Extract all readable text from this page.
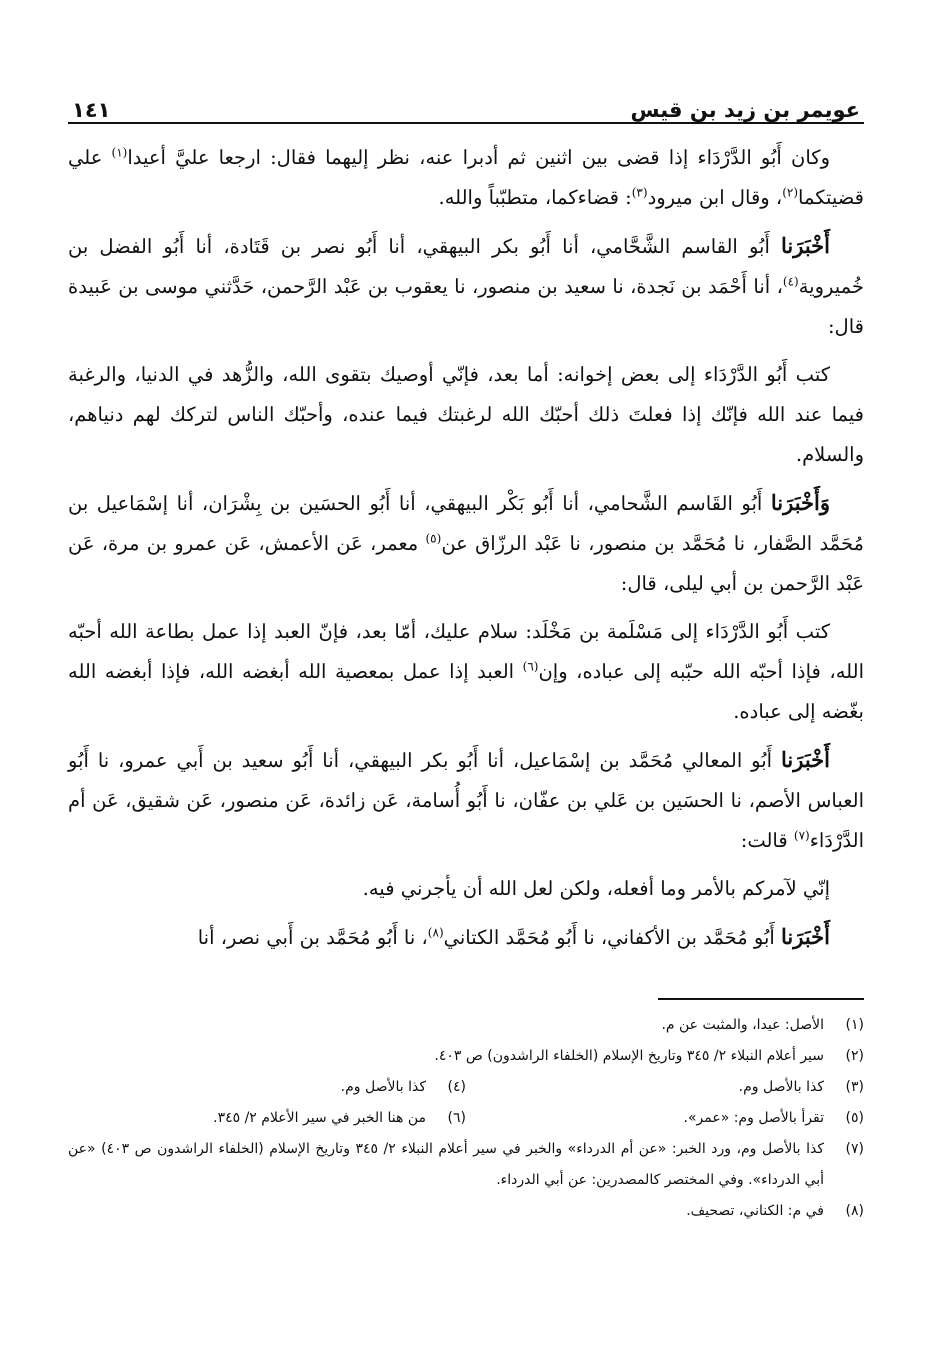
عويمر بن زيد بن قيس
١٤١

وكان أَبُو الدَّرْدَاء إذا قضى بين اثنين ثم أدبرا عنه، نظر إليهما فقال: ارجعا عليَّ أعيدا$^{(١)}$ علي قضيتكما$^{(٢)}$، وقال ابن ميرود$^{(٣)}$: قضاءكما، متطبّباً والله.

أَخْبَرَنا أَبُو القاسم الشَّحَّامي، أنا أَبُو بكر البيهقي، أنا أَبُو نصر بن قَتَادة، أنا أَبُو الفضل بن خُميروية$^{(٤)}$، أنا أَحْمَد بن نَجدة، نا سعيد بن منصور، نا يعقوب بن عَبْد الرَّحمن، حَدَّثني موسى بن عَبيدة قال:

كتب أَبُو الدَّرْدَاء إلى بعض إخوانه: أما بعد، فإنّي أوصيك بتقوى الله، والزُّهد في الدنيا، والرغبة فيما عند الله فإنّك إذا فعلتَ ذلك أحبّك الله لرغبتك فيما عنده، وأحبّك الناس لتركك لهم دنياهم، والسلام.

وَأَخْبَرَنا أَبُو القَاسم الشَّحامي، أنا أَبُو بَكْر البيهقي، أنا أَبُو الحسَين بن بِشْرَان، أنا إسْمَاعيل بن مُحَمَّد الصَّفار، نا مُحَمَّد بن منصور، نا عَبْد الرزّاق عن$^{(٥)}$ معمر، عَن الأعمش، عَن عمرو بن مرة، عَن عَبْد الرَّحمن بن أبي ليلى، قال:

كتب أَبُو الدَّرْدَاء إلى مَسْلَمة بن مَخْلَد: سلام عليك، أمّا بعد، فإنّ العبد إذا عمل بطاعة الله أحبّه الله، فإذا أحبّه الله حبّبه إلى عباده، وإن$^{(٦)}$ العبد إذا عمل بمعصية الله أبغضه الله، فإذا أبغضه الله بغّضه إلى عباده.

أَخْبَرَنا أَبُو المعالي مُحَمَّد بن إسْمَاعيل، أنا أَبُو بكر البيهقي، أنا أَبُو سعيد بن أَبي عمرو، نا أَبُو العباس الأصم، نا الحسَين بن عَلي بن عفّان، نا أَبُو أُسامة، عَن زائدة، عَن منصور، عَن شقيق، عَن أم الدَّرْدَاء$^{(٧)}$ قالت:

إنّي لآمركم بالأمر وما أفعله، ولكن لعل الله أن يأجرني فيه.

أَخْبَرَنا أَبُو مُحَمَّد بن الأكفاني، نا أَبُو مُحَمَّد الكتاني$^{(٨)}$، نا أَبُو مُحَمَّد بن أَبي نصر، أنا

(١)
الأصل: عيدا، والمثبت عن م.
(٢)
سير أعلام النبلاء ٢/ ٣٤٥ وتاريخ الإسلام (الخلفاء الراشدون) ص ٤٠٣.
(٣)
كذا بالأصل وم.
(٤)
كذا بالأصل وم.
(٥)
تقرأ بالأصل وم: «عمر».
(٦)
من هنا الخبر في سير الأعلام ٢/ ٣٤٥.
(٧)
كذا بالأصل وم، ورد الخبر: «عن أم الدرداء» والخبر في سير أعلام النبلاء ٢/ ٣٤٥ وتاريخ الإسلام (الخلفاء الراشدون ص ٤٠٣) «عن أبي الدرداء». وفي المختصر كالمصدرين: عن أبي الدرداء.
(٨)
في م: الكناني، تصحيف.
